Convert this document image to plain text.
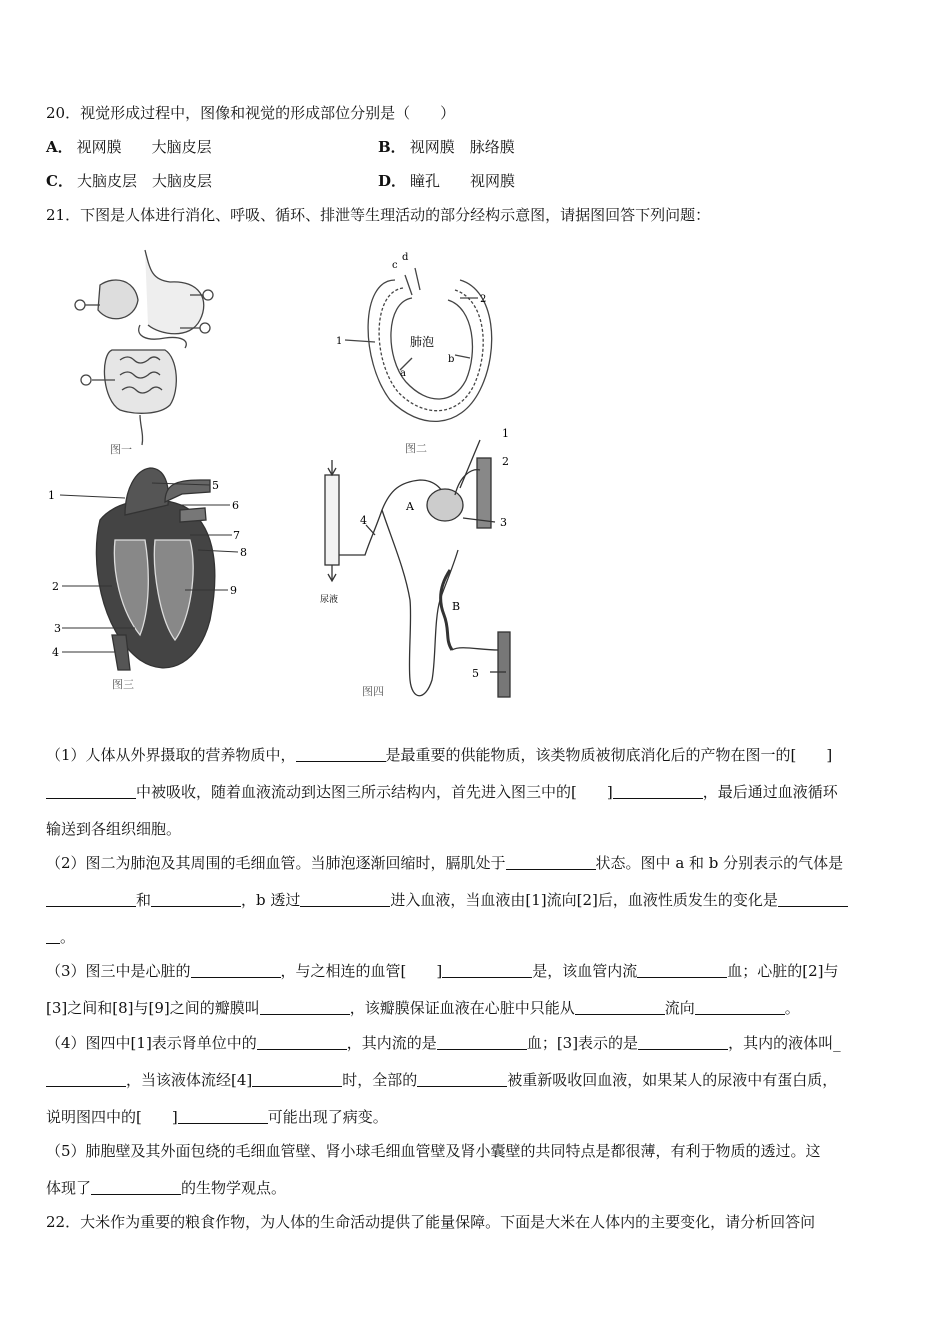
20．视觉形成过程中，图像和视觉的形成部位分别是（　　）
A． 视网膜　　大脑皮层	B． 视网膜　脉络膜
C． 大脑皮层　大脑皮层	D． 瞳孔　　视网膜
21．下图是人体进行消化、呼吸、循环、排泄等生理活动的部分经构示意图，请据图回答下列问题：
图一
c
d
1
2
b
a
肺泡
图二
1
5
6
7
8
9
2
3
4
图三
1
2
3
4
A
B
5
尿液
图四
（1）人体从外界摄取的营养物质中，	是最重要的供能物质，该类物质被彻底消化后的产物在图一的[　　]
中被吸收，随着血液流动到达图三所示结构内，首先进入图三中的[　　]	，最后通过血液循环
输送到各组织细胞。
（2）图二为肺泡及其周围的毛细血管。当肺泡逐渐回缩时，膈肌处于	状态。图中 a 和 b 分别表示的气体是
和	，b 透过	进入血液，当血液由[1]流向[2]后，血液性质发生的变化是
。
（3）图三中是心脏的	，与之相连的血管[　　]	是，该血管内流	血；心脏的[2]与
[3]之间和[8]与[9]之间的瓣膜叫	，该瓣膜保证血液在心脏中只能从	流向	。
（4）图四中[1]表示肾单位中的	，其内流的是	血；[3]表示的是	，其内的液体叫_
，当该液体流经[4]	时，全部的	被重新吸收回血液，如果某人的尿液中有蛋白质，
说明图四中的[　　]	可能出现了病变。
（5）肺胞壁及其外面包绕的毛细血管壁、肾小球毛细血管壁及肾小囊壁的共同特点是都很薄，有利于物质的透过。这
体现了	的生物学观点。
22．大米作为重要的粮食作物，为人体的生命活动提供了能量保障。下面是大米在人体内的主要变化，请分析回答问
